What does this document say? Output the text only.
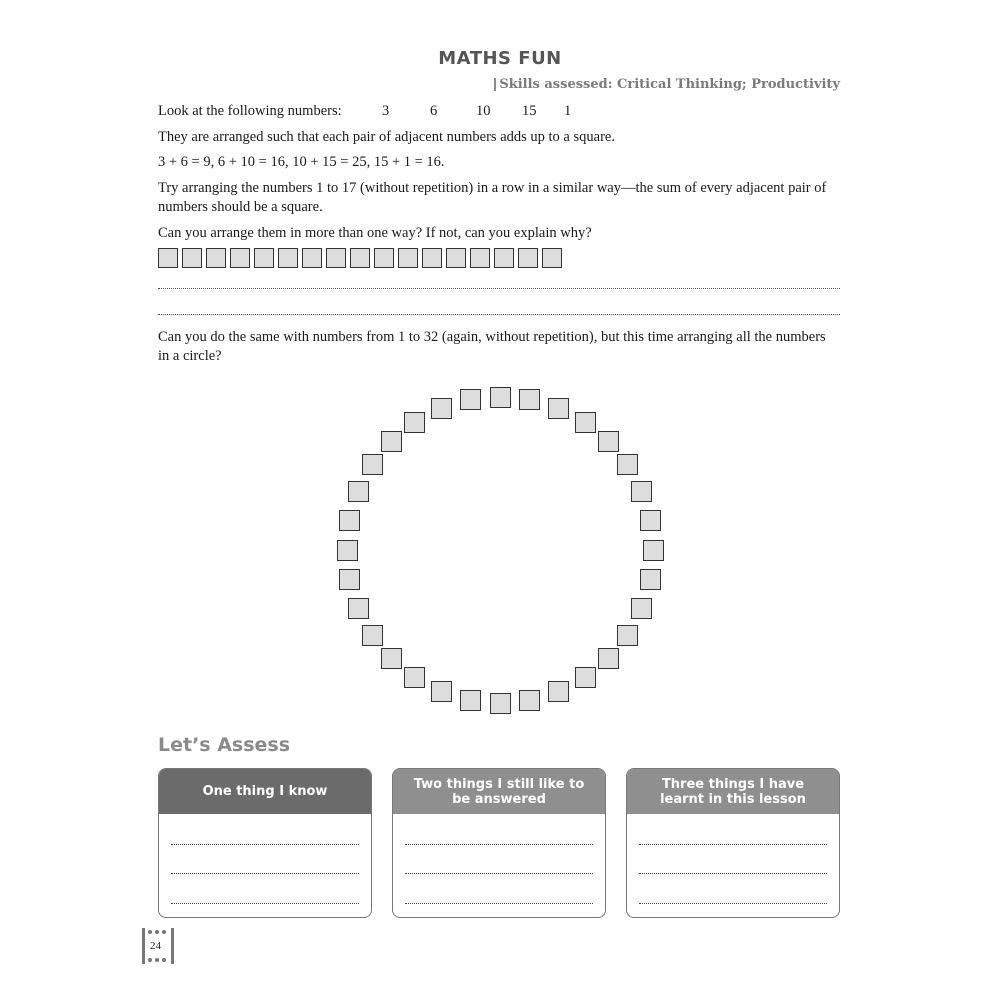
MATHS FUN
| Skills assessed: Critical Thinking; Productivity
Look at the following numbers:	3	6	10 15 1
They are arranged such that each pair of adjacent numbers adds up to a square.
3 + 6 = 9, 6 + 10 = 16, 10 + 15 = 25, 15 + 1 = 16.
Try arranging the numbers 1 to 17 (without repetition) in a row in a similar way—the sum of every adjacent pair of
numbers should be a square.
Can you arrange them in more than one way? If not, can you explain why?
Can you do the same with numbers from 1 to 32 (again, without repetition), but this time arranging all the numbers
in a circle?
Let’s Assess
One thing I know	Two things I still like to be answered
Three things I have learnt in this lesson
24
